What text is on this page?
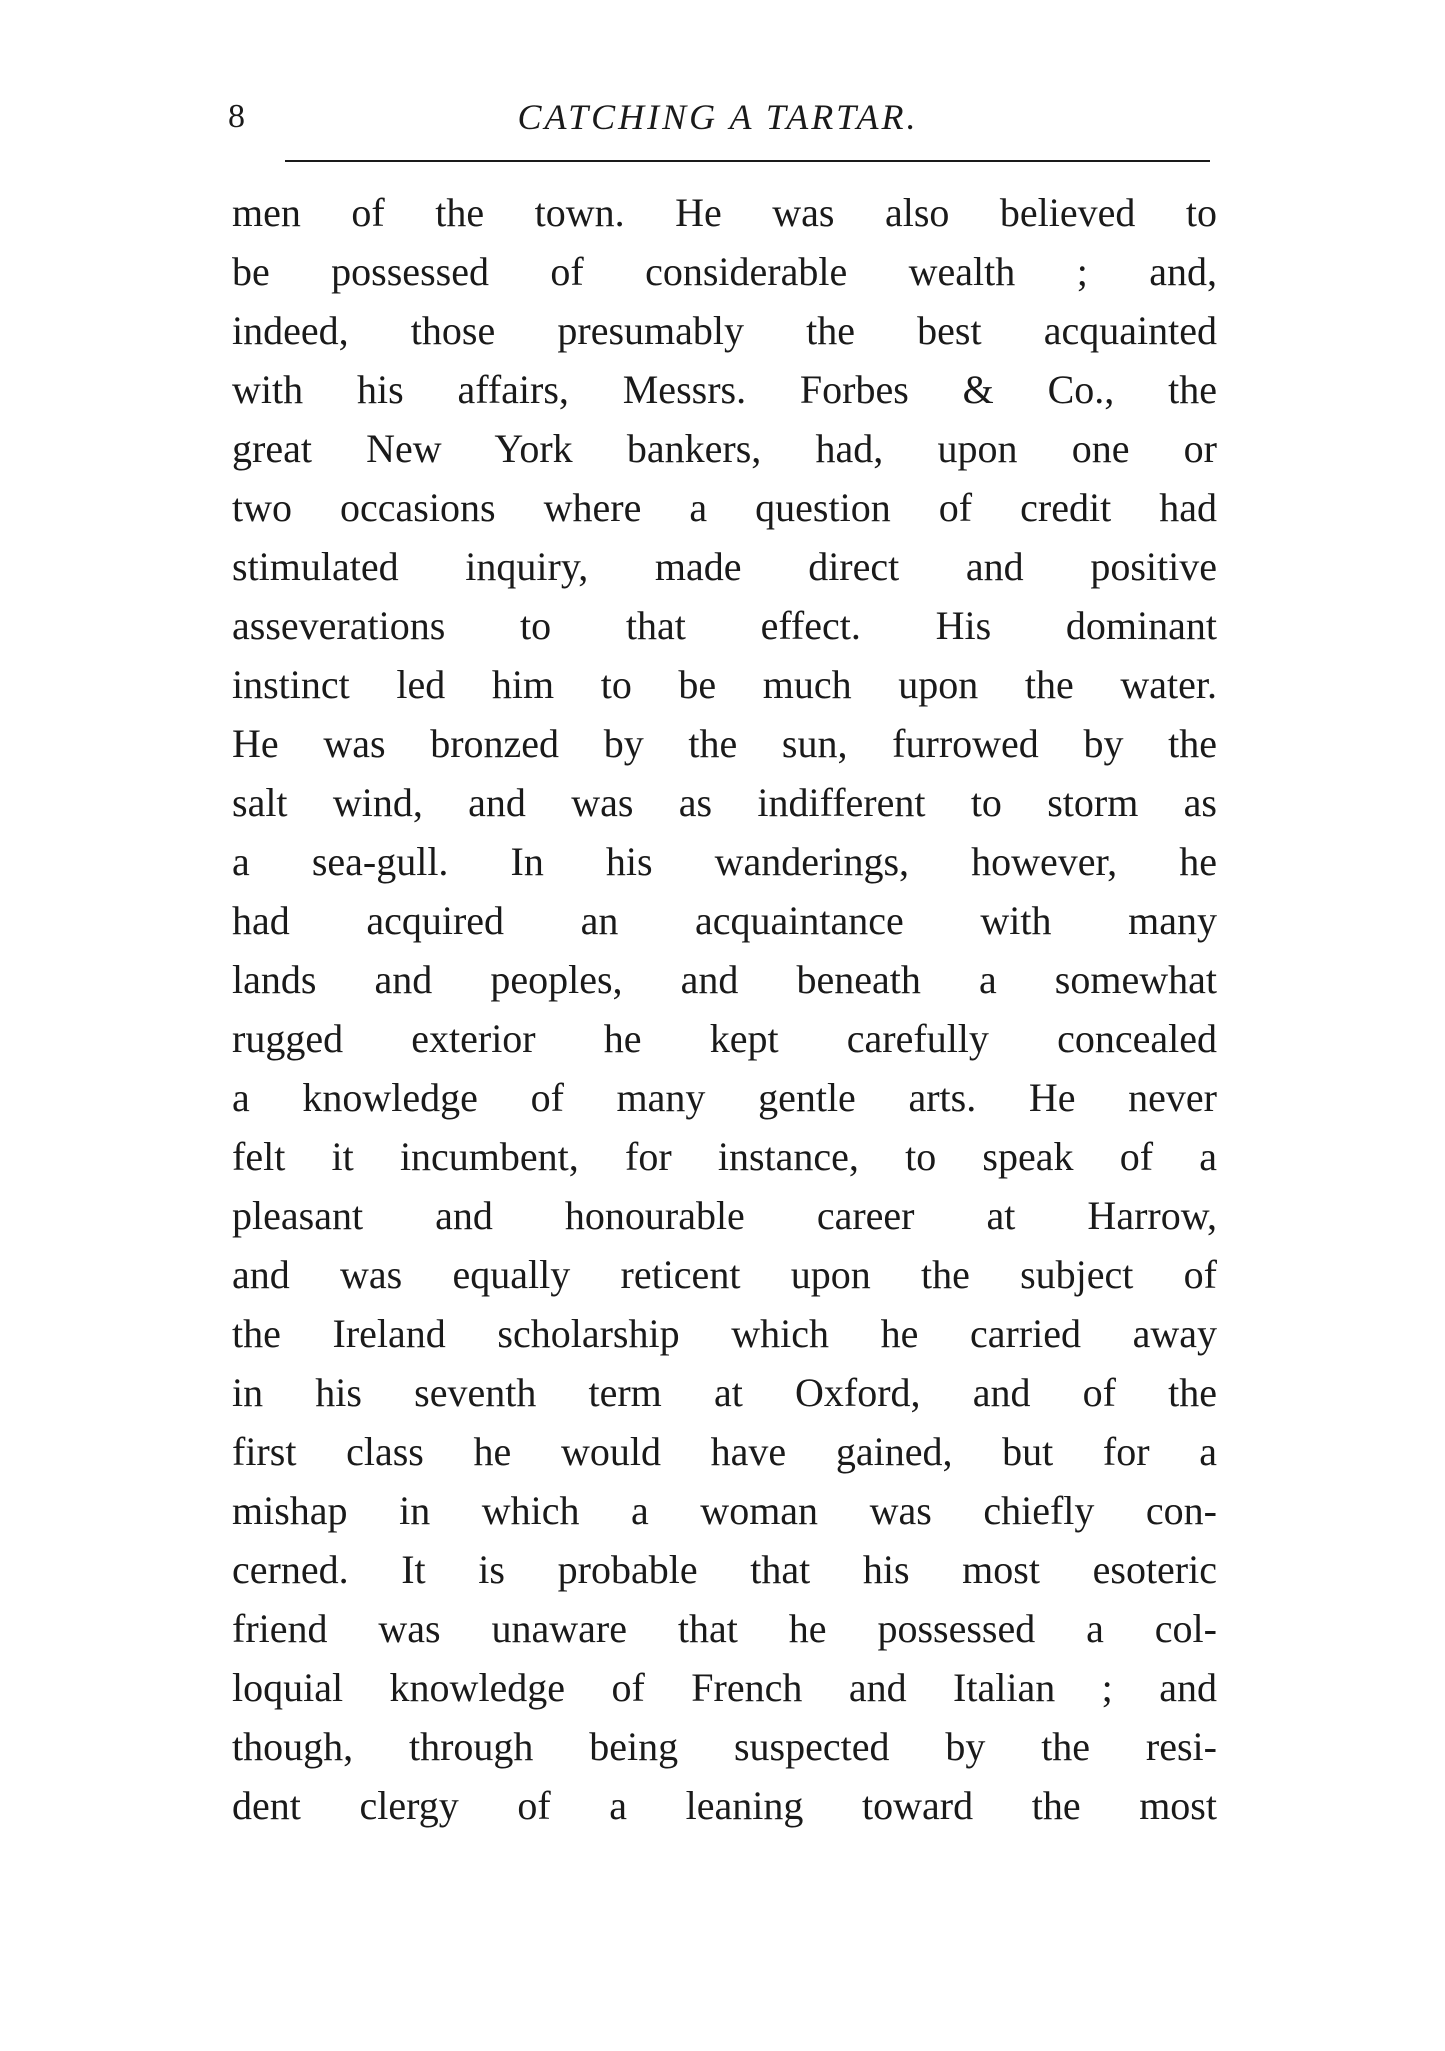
8	CATCHING A TARTAR.
men of the town. He was also believed to
be possessed of considerable wealth ; and,
indeed, those presumably the best acquainted
with his affairs, Messrs. Forbes & Co., the
great New York bankers, had, upon one or
two occasions where a question of credit had
stimulated inquiry, made direct and positive
asseverations to that effect. His dominant
instinct led him to be much upon the water.
He was bronzed by the sun, furrowed by the
salt wind, and was as indifferent to storm as
a sea-gull. In his wanderings, however, he
had acquired an acquaintance with many
lands and peoples, and beneath a somewhat
rugged exterior he kept carefully concealed
a knowledge of many gentle arts. He never
felt it incumbent, for instance, to speak of a
pleasant and honourable career at Harrow,
and was equally reticent upon the subject of
the Ireland scholarship which he carried away
in his seventh term at Oxford, and of the
first class he would have gained, but for a
mishap in which a woman was chiefly con-
cerned. It is probable that his most esoteric
friend was unaware that he possessed a col-
loquial knowledge of French and Italian ; and
though, through being suspected by the resi-
dent clergy of a leaning toward the most
